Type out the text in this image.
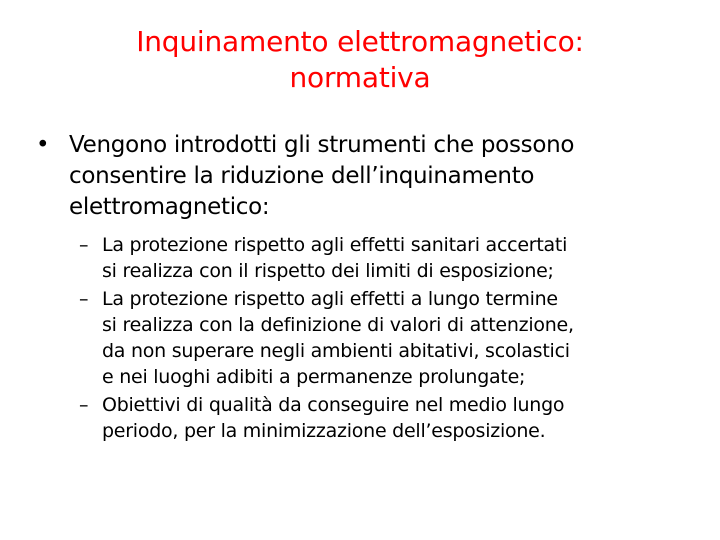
Inquinamento elettromagnetico:
normativa
• Vengono introdotti gli strumenti che possono
consentire la riduzione dell’inquinamento
elettromagnetico:
– La protezione rispetto agli effetti sanitari accertati
si realizza con il rispetto dei limiti di esposizione;
– La protezione rispetto agli effetti a lungo termine
si realizza con la definizione di valori di attenzione,
da non superare negli ambienti abitativi, scolastici
e nei luoghi adibiti a permanenze prolungate;
– Obiettivi di qualità da conseguire nel medio lungo
periodo, per la minimizzazione dell’esposizione.
